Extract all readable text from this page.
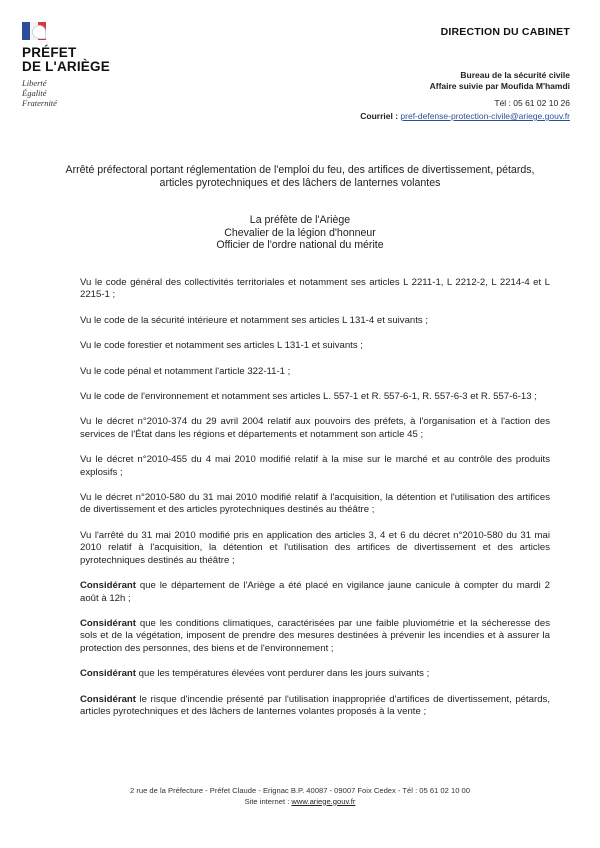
PRÉFET
DE L'ARIÈGE
Liberté
Égalité
Fraternité
DIRECTION DU CABINET
Bureau de la sécurité civile
Affaire suivie par Moufida M'hamdi
Tél : 05 61 02 10 26
Courriel : pref-defense-protection-civile@ariege.gouv.fr
Arrêté préfectoral portant réglementation de l'emploi du feu, des artifices de divertissement, pétards,
articles pyrotechniques et des lâchers de lanternes volantes
La préfète de l'Ariège
Chevalier de la légion d'honneur
Officier de l'ordre national du mérite

Vu le code général des collectivités territoriales et notamment ses articles L 2211-1, L 2212-2, L 2214-4 et L 2215-1 ;

Vu le code de la sécurité intérieure et notamment ses articles L 131-4 et suivants ;

Vu le code forestier et notamment ses articles L 131-1 et suivants ;

Vu le code pénal et notamment l'article 322-11-1 ;

Vu le code de l'environnement et notamment ses articles L. 557-1 et R. 557-6-1, R. 557-6-3 et R. 557-6-13 ;

Vu le décret n°2010-374 du 29 avril 2004 relatif aux pouvoirs des préfets, à l'organisation et à l'action des services de l'État dans les régions et départements et notamment son article 45 ;

Vu le décret n°2010-455 du 4 mai 2010 modifié relatif à la mise sur le marché et au contrôle des produits explosifs ;

Vu le décret n°2010-580 du 31 mai 2010 modifié relatif à l'acquisition, la détention et l'utilisation des artifices de divertissement et des articles pyrotechniques destinés au théâtre ;

Vu l'arrêté du 31 mai 2010 modifié pris en application des articles 3, 4 et 6 du décret n°2010-580 du 31 mai 2010 relatif à l'acquisition, la détention et l'utilisation des artifices de divertissement et des articles pyrotechniques destinés au théâtre ;

Considérant que le département de l'Ariège a été placé en vigilance jaune canicule à compter du mardi 2 août à 12h ;

Considérant que les conditions climatiques, caractérisées par une faible pluviométrie et la sécheresse des sols et de la végétation, imposent de prendre des mesures destinées à prévenir les incendies et à assurer la protection des personnes, des biens et de l'environnement ;

Considérant que les températures élevées vont perdurer dans les jours suivants ;

Considérant le risque d'incendie présenté par l'utilisation inappropriée d'artifices de divertissement, pétards, articles pyrotechniques et des lâchers de lanternes volantes proposés à la vente ;

2 rue de la Préfecture - Préfet Claude - Erignac B.P. 40087 - 09007 Foix Cedex - Tél : 05 61 02 10 00
Site internet : www.ariege.gouv.fr
